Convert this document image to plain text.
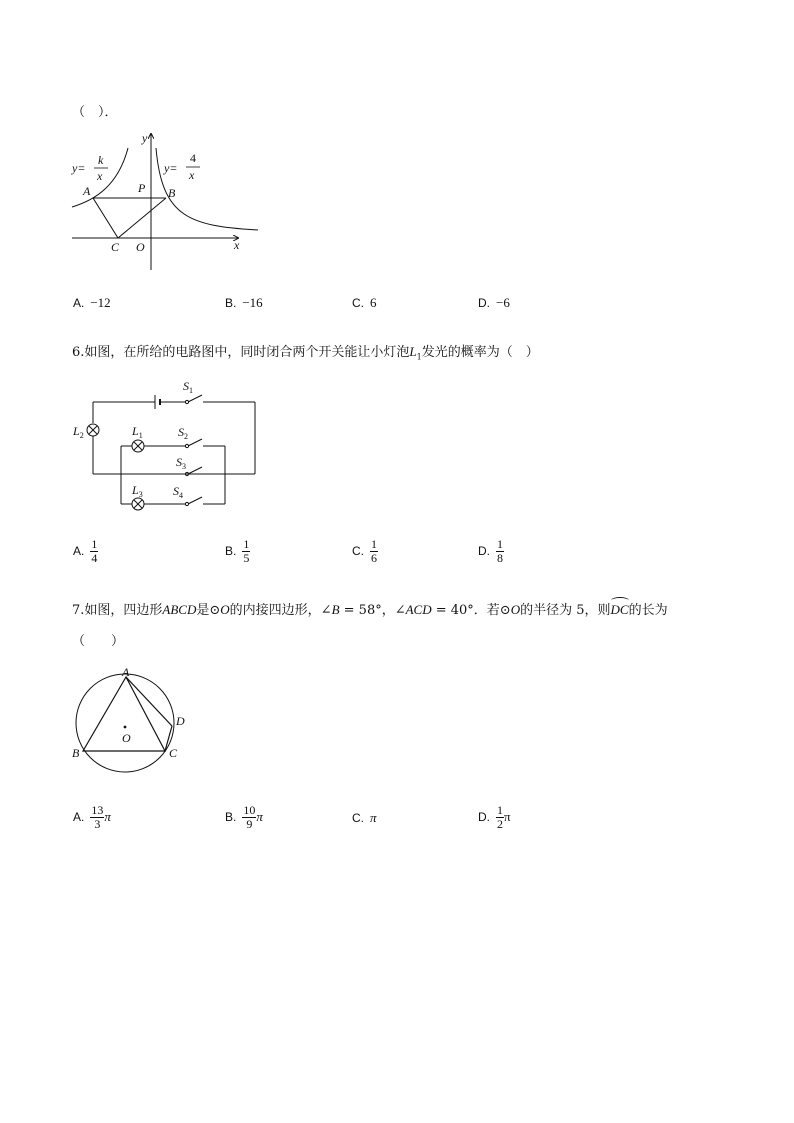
（　）．
y
x
y=
k
x
y=
4
x
A	P B
C O
A. −12	B. −16	C. 6	D. −6
6.如图，在所给的电路图中，同时闭合两个开关能让小灯泡$L_1$发光的概率为（　）
$S_1$
$S_2$
$S_3$
$S_4$
$L_1$
$L_2$
$L_3$
A. $\frac{1}{4}$	B. $\frac{1}{5}$	C. $\frac{1}{6}$	D. $\frac{1}{8}$
7.如图，四边形ABCD是⊙O的内接四边形，∠B = 58°，∠ACD = 40°．若⊙O的半径为 5，则
DC的长为
（　　）
A
B	C
D
O
A. $\frac{13}{3}$ π	B. $\frac{10}{9}$ π	C. π	D. $\frac{1}{2}$ π
